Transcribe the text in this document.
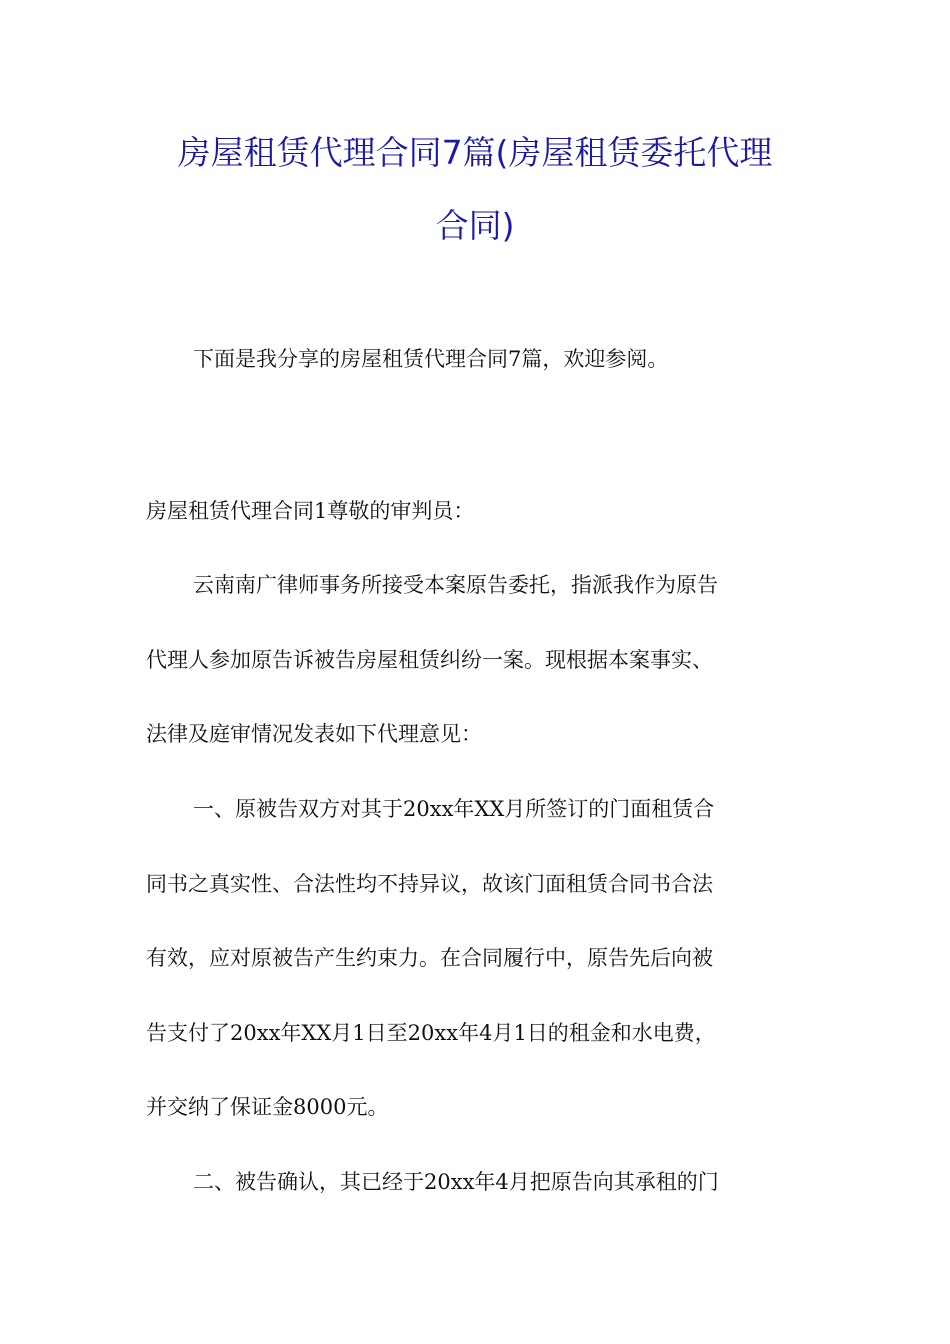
房屋租赁代理合同7篇(房屋租赁委托代理
合同)
下面是我分享的房屋租赁代理合同7篇，欢迎参阅。
房屋租赁代理合同1尊敬的审判员：
云南南广律师事务所接受本案原告委托，指派我作为原告
代理人参加原告诉被告房屋租赁纠纷一案。现根据本案事实、
法律及庭审情况发表如下代理意见：
一、原被告双方对其于20xx年XX月所签订的门面租赁合
同书之真实性、合法性均不持异议，故该门面租赁合同书合法
有效，应对原被告产生约束力。在合同履行中，原告先后向被
告支付了20xx年XX月1日至20xx年4月1日的租金和水电费，
并交纳了保证金8000元。
二、被告确认，其已经于20xx年4月把原告向其承租的门
